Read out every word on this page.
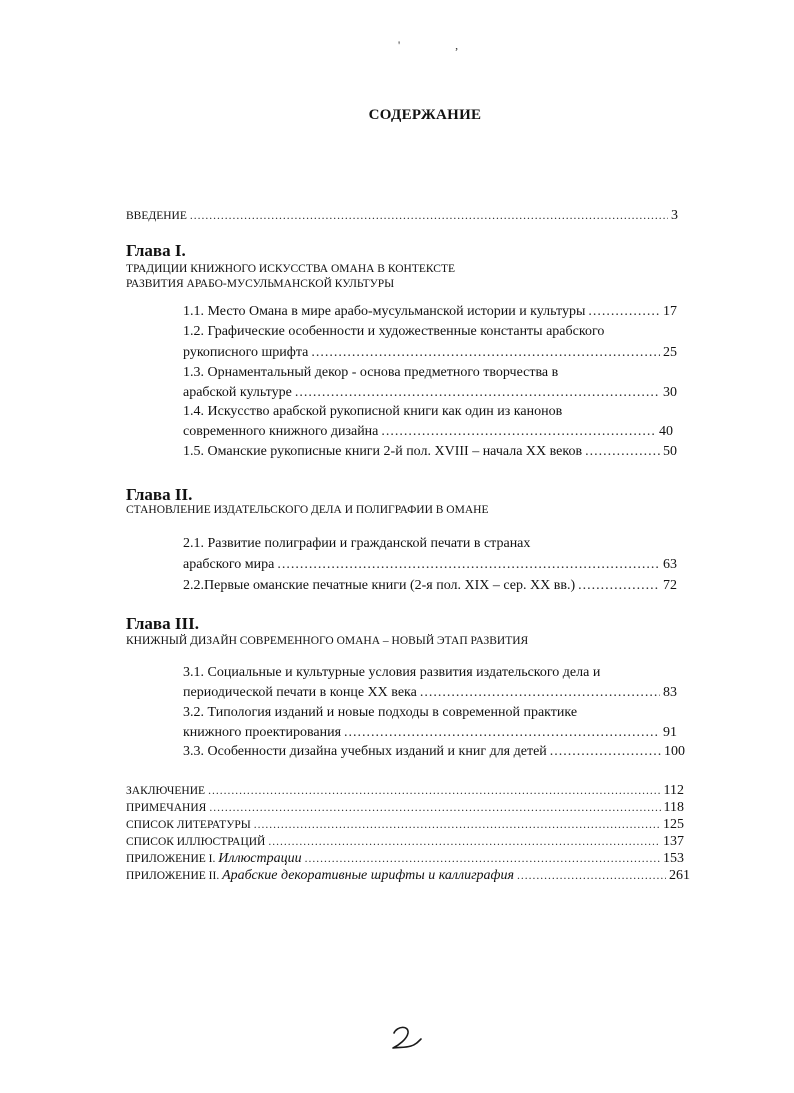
' ,
СОДЕРЖАНИЕ
ВВЕДЕНИЕ .....	3
Глава I.
ТРАДИЦИИ КНИЖНОГО ИСКУССТВА ОМАНА В КОНТЕКСТЕ
РАЗВИТИЯ АРАБО-МУСУЛЬМАНСКОЙ КУЛЬТУРЫ
1.1. Место Омана в мире арабо-мусульманской истории и культуры .....	17
1.2. Графические особенности и художественные константы арабского
рукописного шрифта .....	25
1.3. Орнаментальный декор - основа предметного творчества в
арабской культуре .....	30
1.4. Искусство арабской рукописной книги как один из канонов
современного книжного дизайна .....	40
1.5. Оманские рукописные книги 2-й пол. XVIII – начала XX веков .....	50
Глава II.
СТАНОВЛЕНИЕ ИЗДАТЕЛЬСКОГО ДЕЛА И ПОЛИГРАФИИ В ОМАНЕ
2.1. Развитие полиграфии и гражданской печати в странах
арабского мира .....	63
2.2.Первые оманские печатные книги (2-я пол. XIX – сер. XX вв.) .....	72
Глава III.
КНИЖНЫЙ ДИЗАЙН СОВРЕМЕННОГО ОМАНА – НОВЫЙ ЭТАП РАЗВИТИЯ
3.1. Социальные и культурные условия развития издательского дела и
периодической печати в конце XX века .....	83
3.2. Типология изданий и новые подходы в современной практике
книжного проектирования .....	91
3.3. Особенности дизайна учебных изданий и книг для детей .....	100
ЗАКЛЮЧЕНИЕ .....	112
ПРИМЕЧАНИЯ .....	118
СПИСОК ЛИТЕРАТУРЫ .....	125
СПИСОК ИЛЛЮСТРАЦИЙ .....	137
ПРИЛОЖЕНИЕ I. Иллюстрации .....	153
ПРИЛОЖЕНИЕ II. Арабские декоративные шрифты и каллиграфия .....	261
